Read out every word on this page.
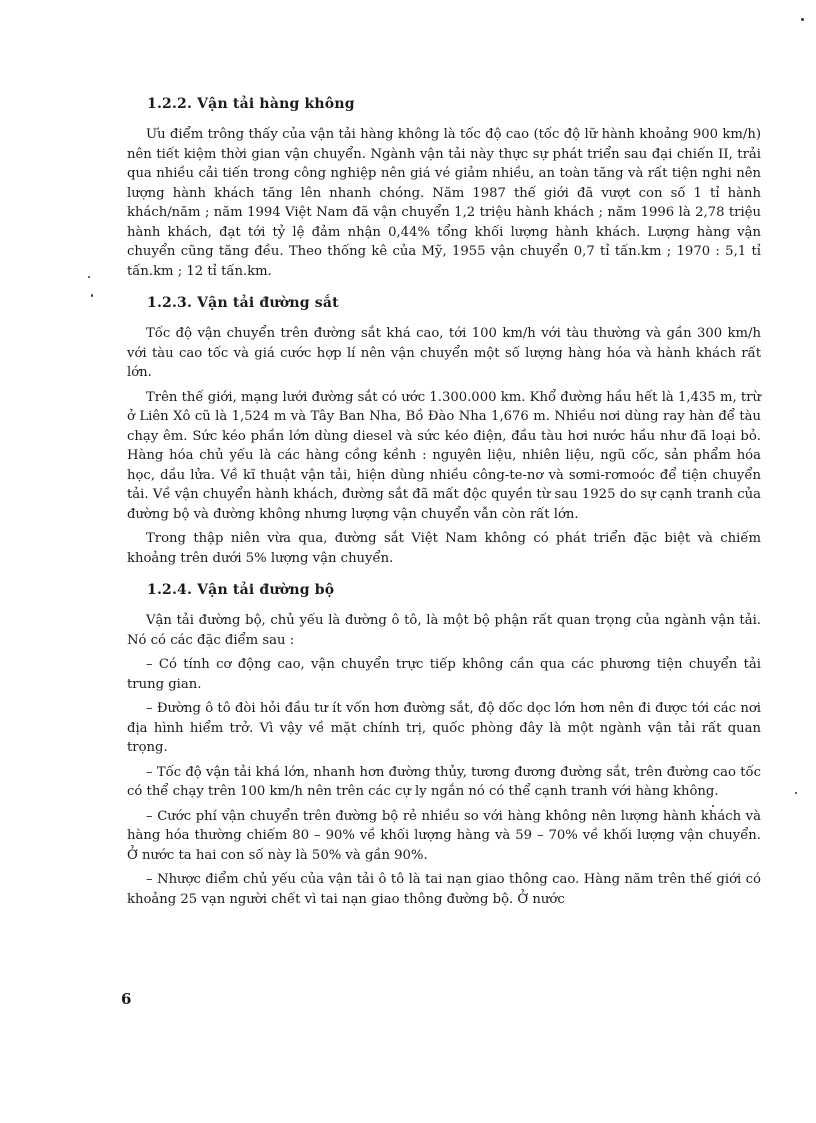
1.2.2. Vận tải hàng không

Ưu điểm trông thấy của vận tải hàng không là tốc độ cao (tốc độ lữ hành khoảng 900 km/h) nên tiết kiệm thời gian vận chuyển. Ngành vận tải này thực sự phát triển sau đại chiến II, trải qua nhiều cải tiến trong công nghiệp nên giá vé giảm nhiều, an toàn tăng và rất tiện nghi nên lượng hành khách tăng lên nhanh chóng. Năm 1987 thế giới đã vượt con số 1 tỉ hành khách/năm ; năm 1994 Việt Nam đã vận chuyển 1,2 triệu hành khách ; năm 1996 là 2,78 triệu hành khách, đạt tới tỷ lệ đảm nhận 0,44% tổng khối lượng hành khách. Lượng hàng vận chuyển cũng tăng đều. Theo thống kê của Mỹ, 1955 vận chuyển 0,7 tỉ tấn.km ; 1970 : 5,1 tỉ tấn.km ; 12 tỉ tấn.km.

1.2.3. Vận tải đường sắt

Tốc độ vận chuyển trên đường sắt khá cao, tới 100 km/h với tàu thường và gần 300 km/h với tàu cao tốc và giá cước hợp lí nên vận chuyển một số lượng hàng hóa và hành khách rất lớn.

Trên thế giới, mạng lưới đường sắt có ước 1.300.000 km. Khổ đường hầu hết là 1,435 m, trừ ở Liên Xô cũ là 1,524 m và Tây Ban Nha, Bồ Đào Nha 1,676 m. Nhiều nơi dùng ray hàn để tàu chạy êm. Sức kéo phần lớn dùng diesel và sức kéo điện, đầu tàu hơi nước hầu như đã loại bỏ. Hàng hóa chủ yếu là các hàng cồng kềnh : nguyên liệu, nhiên liệu, ngũ cốc, sản phẩm hóa học, dầu lửa. Về kĩ thuật vận tải, hiện dùng nhiều công-te-nơ và sơmi-rơmoóc để tiện chuyển tải. Về vận chuyển hành khách, đường sắt đã mất độc quyền từ sau 1925 do sự cạnh tranh của đường bộ và đường không nhưng lượng vận chuyển vẫn còn rất lớn.

Trong thập niên vừa qua, đường sắt Việt Nam không có phát triển đặc biệt và chiếm khoảng trên dưới 5% lượng vận chuyển.

1.2.4. Vận tải đường bộ

Vận tải đường bộ, chủ yếu là đường ô tô, là một bộ phận rất quan trọng của ngành vận tải. Nó có các đặc điểm sau :

– Có tính cơ động cao, vận chuyển trực tiếp không cần qua các phương tiện chuyển tải trung gian.

– Đường ô tô đòi hỏi đầu tư ít vốn hơn đường sắt, độ dốc dọc lớn hơn nên đi được tới các nơi địa hình hiểm trở. Vì vậy về mặt chính trị, quốc phòng đây là một ngành vận tải rất quan trọng.

– Tốc độ vận tải khá lớn, nhanh hơn đường thủy, tương đương đường sắt, trên đường cao tốc có thể chạy trên 100 km/h nên trên các cự ly ngắn nó có thể cạnh tranh với hàng không.

– Cước phí vận chuyển trên đường bộ rẻ nhiều so với hàng không nên lượng hành khách và hàng hóa thường chiếm 80 – 90% về khối lượng hàng và 59 – 70% về khối lượng vận chuyển. Ở nước ta hai con số này là 50% và gần 90%.

– Nhược điểm chủ yếu của vận tải ô tô là tai nạn giao thông cao. Hàng năm trên thế giới có khoảng 25 vạn người chết vì tai nạn giao thông đường bộ. Ở nước

6
